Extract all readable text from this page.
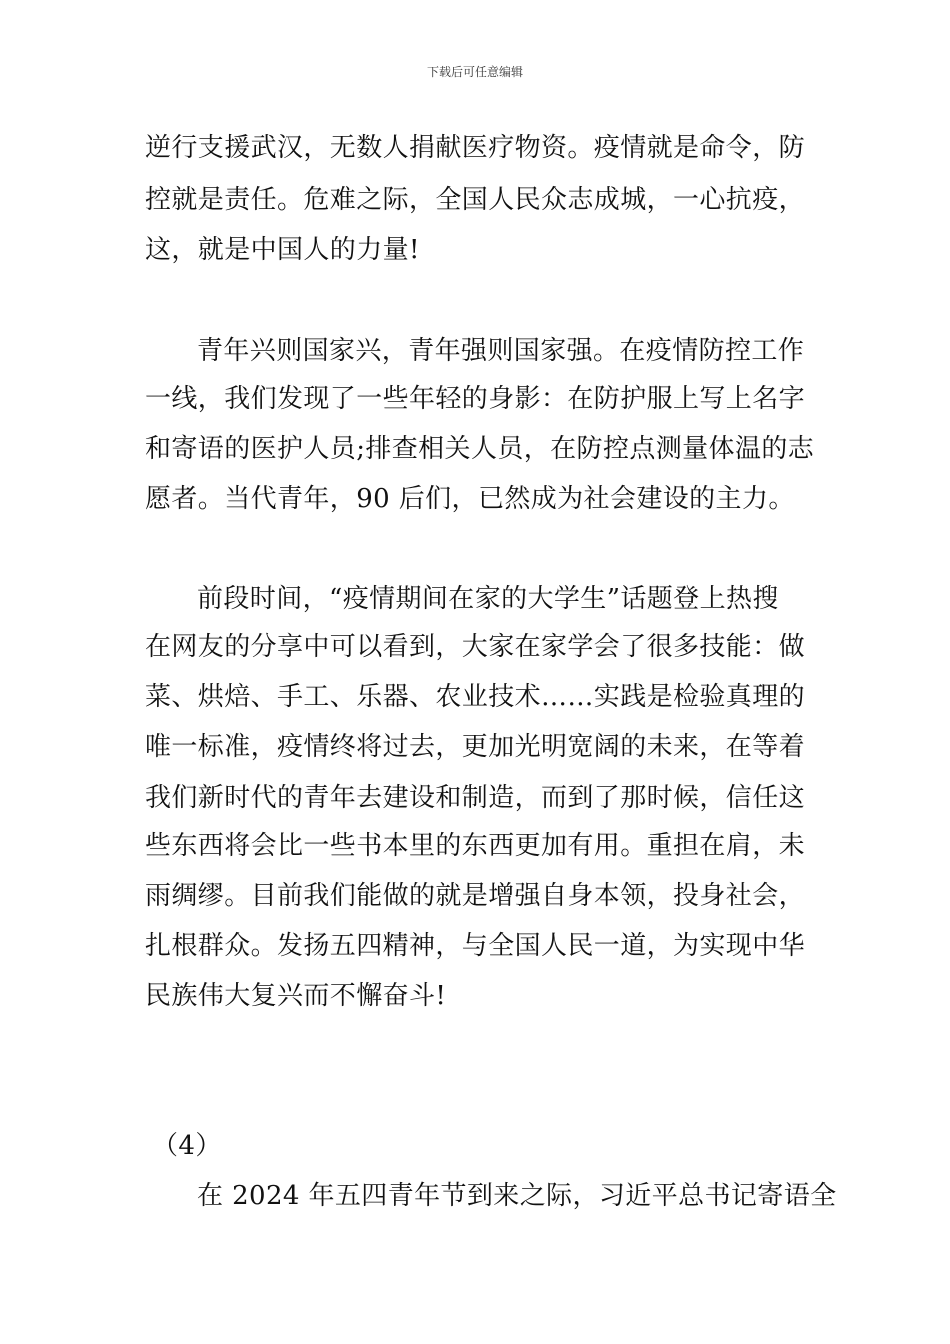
下载后可任意编辑
逆行支援武汉，无数人捐献医疗物资。疫情就是命令，防
控就是责任。危难之际，全国人民众志成城，一心抗疫，
这，就是中国人的力量!
青年兴则国家兴，青年强则国家强。在疫情防控工作
一线，我们发现了一些年轻的身影：在防护服上写上名字
和寄语的医护人员;排查相关人员，在防控点测量体温的志
愿者。当代青年，90 后们，已然成为社会建设的主力。
前段时间，“疫情期间在家的大学生”话题登上热搜
在网友的分享中可以看到，大家在家学会了很多技能：做
菜、烘焙、手工、乐器、农业技术……实践是检验真理的
唯一标准，疫情终将过去，更加光明宽阔的未来，在等着
我们新时代的青年去建设和制造，而到了那时候，信任这
些东西将会比一些书本里的东西更加有用。重担在肩，未
雨绸缪。目前我们能做的就是增强自身本领，投身社会，
扎根群众。发扬五四精神，与全国人民一道，为实现中华
民族伟大复兴而不懈奋斗!
（4）
在 2024 年五四青年节到来之际，习近平总书记寄语全
